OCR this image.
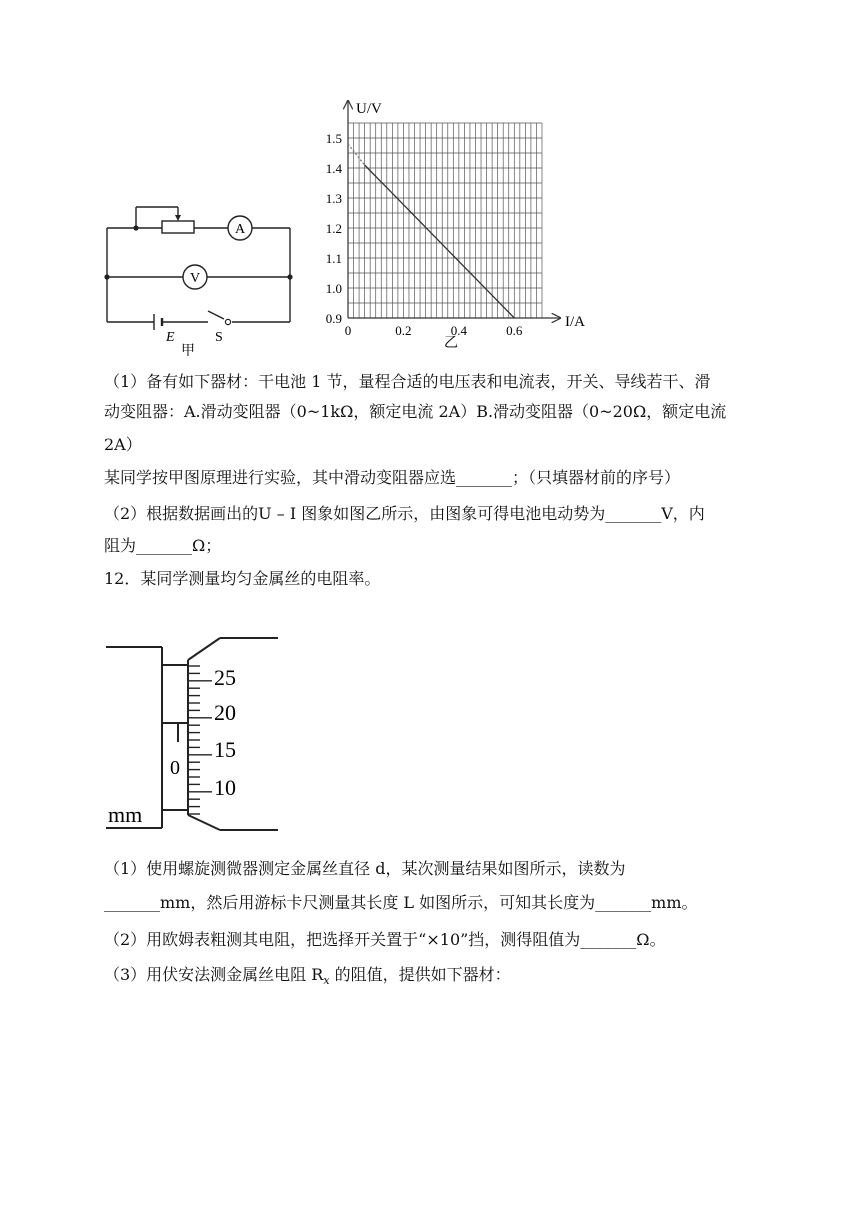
A
V
E	S
甲
0.9
1.0
1.1
1.2
1.3
1.4
1.5
0	0.2	0.4	0.6
U/V
I/A
乙
（1）备有如下器材：干电池 1 节，量程合适的电压表和电流表，开关、导线若干、滑
动变阻器：A.滑动变阻器（0~1kΩ，额定电流 2A）B.滑动变阻器（0~20Ω，额定电流
2A）
某同学按甲图原理进行实验，其中滑动变阻器应选_______；（只填器材前的序号）
（2）根据数据画出的U – I 图象如图乙所示，由图象可得电池电动势为_______V，内
阻为_______Ω；
12．某同学测量均匀金属丝的电阻率。
0
25
20
15
10
mm
（1）使用螺旋测微器测定金属丝直径 d，某次测量结果如图所示，读数为
_______mm，然后用游标卡尺测量其长度 L 如图所示，可知其长度为_______mm。
（2）用欧姆表粗测其电阻，把选择开关置于“×10”挡，测得阻值为_______Ω。
（3）用伏安法测金属丝电阻 $R_x$ 的阻值，提供如下器材：
